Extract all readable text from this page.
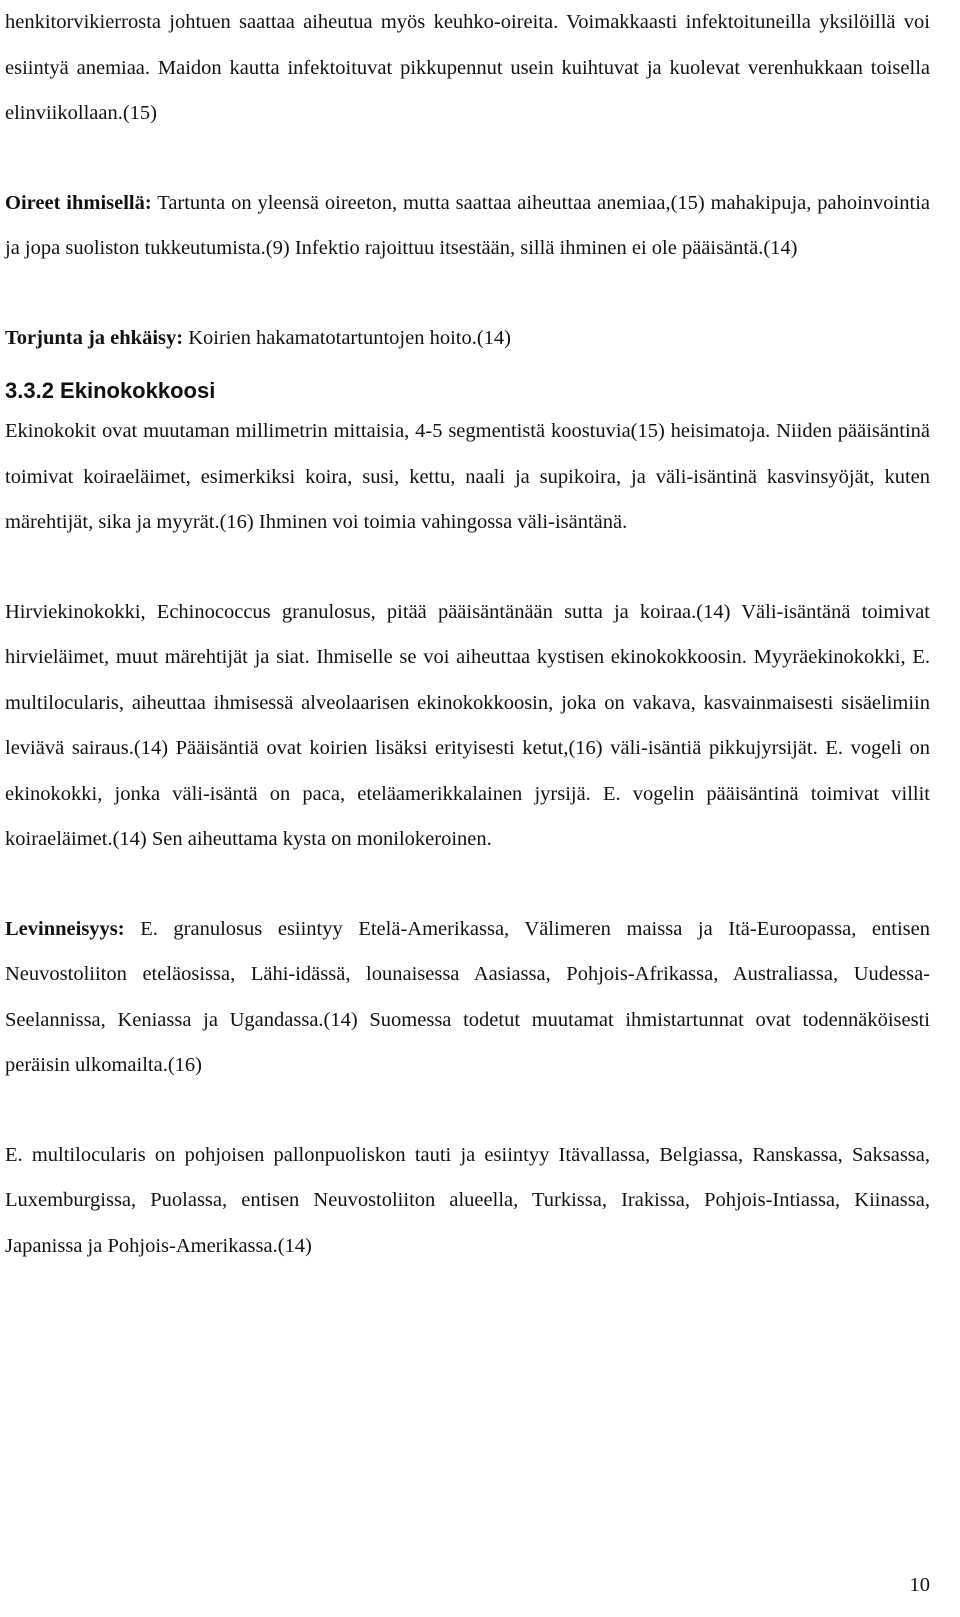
henkitorvikierrosta johtuen saattaa aiheutua myös keuhko-oireita. Voimakkaasti infektoituneilla yksilöillä voi esiintyä anemiaa. Maidon kautta infektoituvat pikkupennut usein kuihtuvat ja kuolevat verenhukkaan toisella elinviikollaan.(15)

Oireet ihmisellä: Tartunta on yleensä oireeton, mutta saattaa aiheuttaa anemiaa,(15) mahakipuja, pahoinvointia ja jopa suoliston tukkeutumista.(9) Infektio rajoittuu itsestään, sillä ihminen ei ole pääisäntä.(14)

Torjunta ja ehkäisy: Koirien hakamatotartuntojen hoito.(14)

3.3.2 Ekinokokkoosi

Ekinokokit ovat muutaman millimetrin mittaisia, 4-5 segmentistä koostuvia(15) heisimatoja. Niiden pääisäntinä toimivat koiraeläimet, esimerkiksi koira, susi, kettu, naali ja supikoira, ja väli-isäntinä kasvinsyöjät, kuten märehtijät, sika ja myyrät.(16) Ihminen voi toimia vahingossa väli-isäntänä.

Hirviekinokokki, Echinococcus granulosus, pitää pääisäntänään sutta ja koiraa.(14) Väli-isäntänä toimivat hirvieläimet, muut märehtijät ja siat. Ihmiselle se voi aiheuttaa kystisen ekinokokkoosin. Myyräekinokokki, E. multilocularis, aiheuttaa ihmisessä alveolaarisen ekinokokkoosin, joka on vakava, kasvainmaisesti sisäelimiin leviävä sairaus.(14) Pääisäntiä ovat koirien lisäksi erityisesti ketut,(16) väli-isäntiä pikkujyrsijät. E. vogeli on ekinokokki, jonka väli-isäntä on paca, eteläamerikkalainen jyrsijä. E. vogelin pääisäntinä toimivat villit koiraeläimet.(14) Sen aiheuttama kysta on monilokeroinen.

Levinneisyys: E. granulosus esiintyy Etelä-Amerikassa, Välimeren maissa ja Itä-Euroopassa, entisen Neuvostoliiton eteläosissa, Lähi-idässä, lounaisessa Aasiassa, Pohjois-Afrikassa, Australiassa, Uudessa-Seelannissa, Keniassa ja Ugandassa.(14) Suomessa todetut muutamat ihmistartunnat ovat todennäköisesti peräisin ulkomailta.(16)

E. multilocularis on pohjoisen pallonpuoliskon tauti ja esiintyy Itävallassa, Belgiassa, Ranskassa, Saksassa, Luxemburgissa, Puolassa, entisen Neuvostoliiton alueella, Turkissa, Irakissa, Pohjois-Intiassa, Kiinassa, Japanissa ja Pohjois-Amerikassa.(14)

10
